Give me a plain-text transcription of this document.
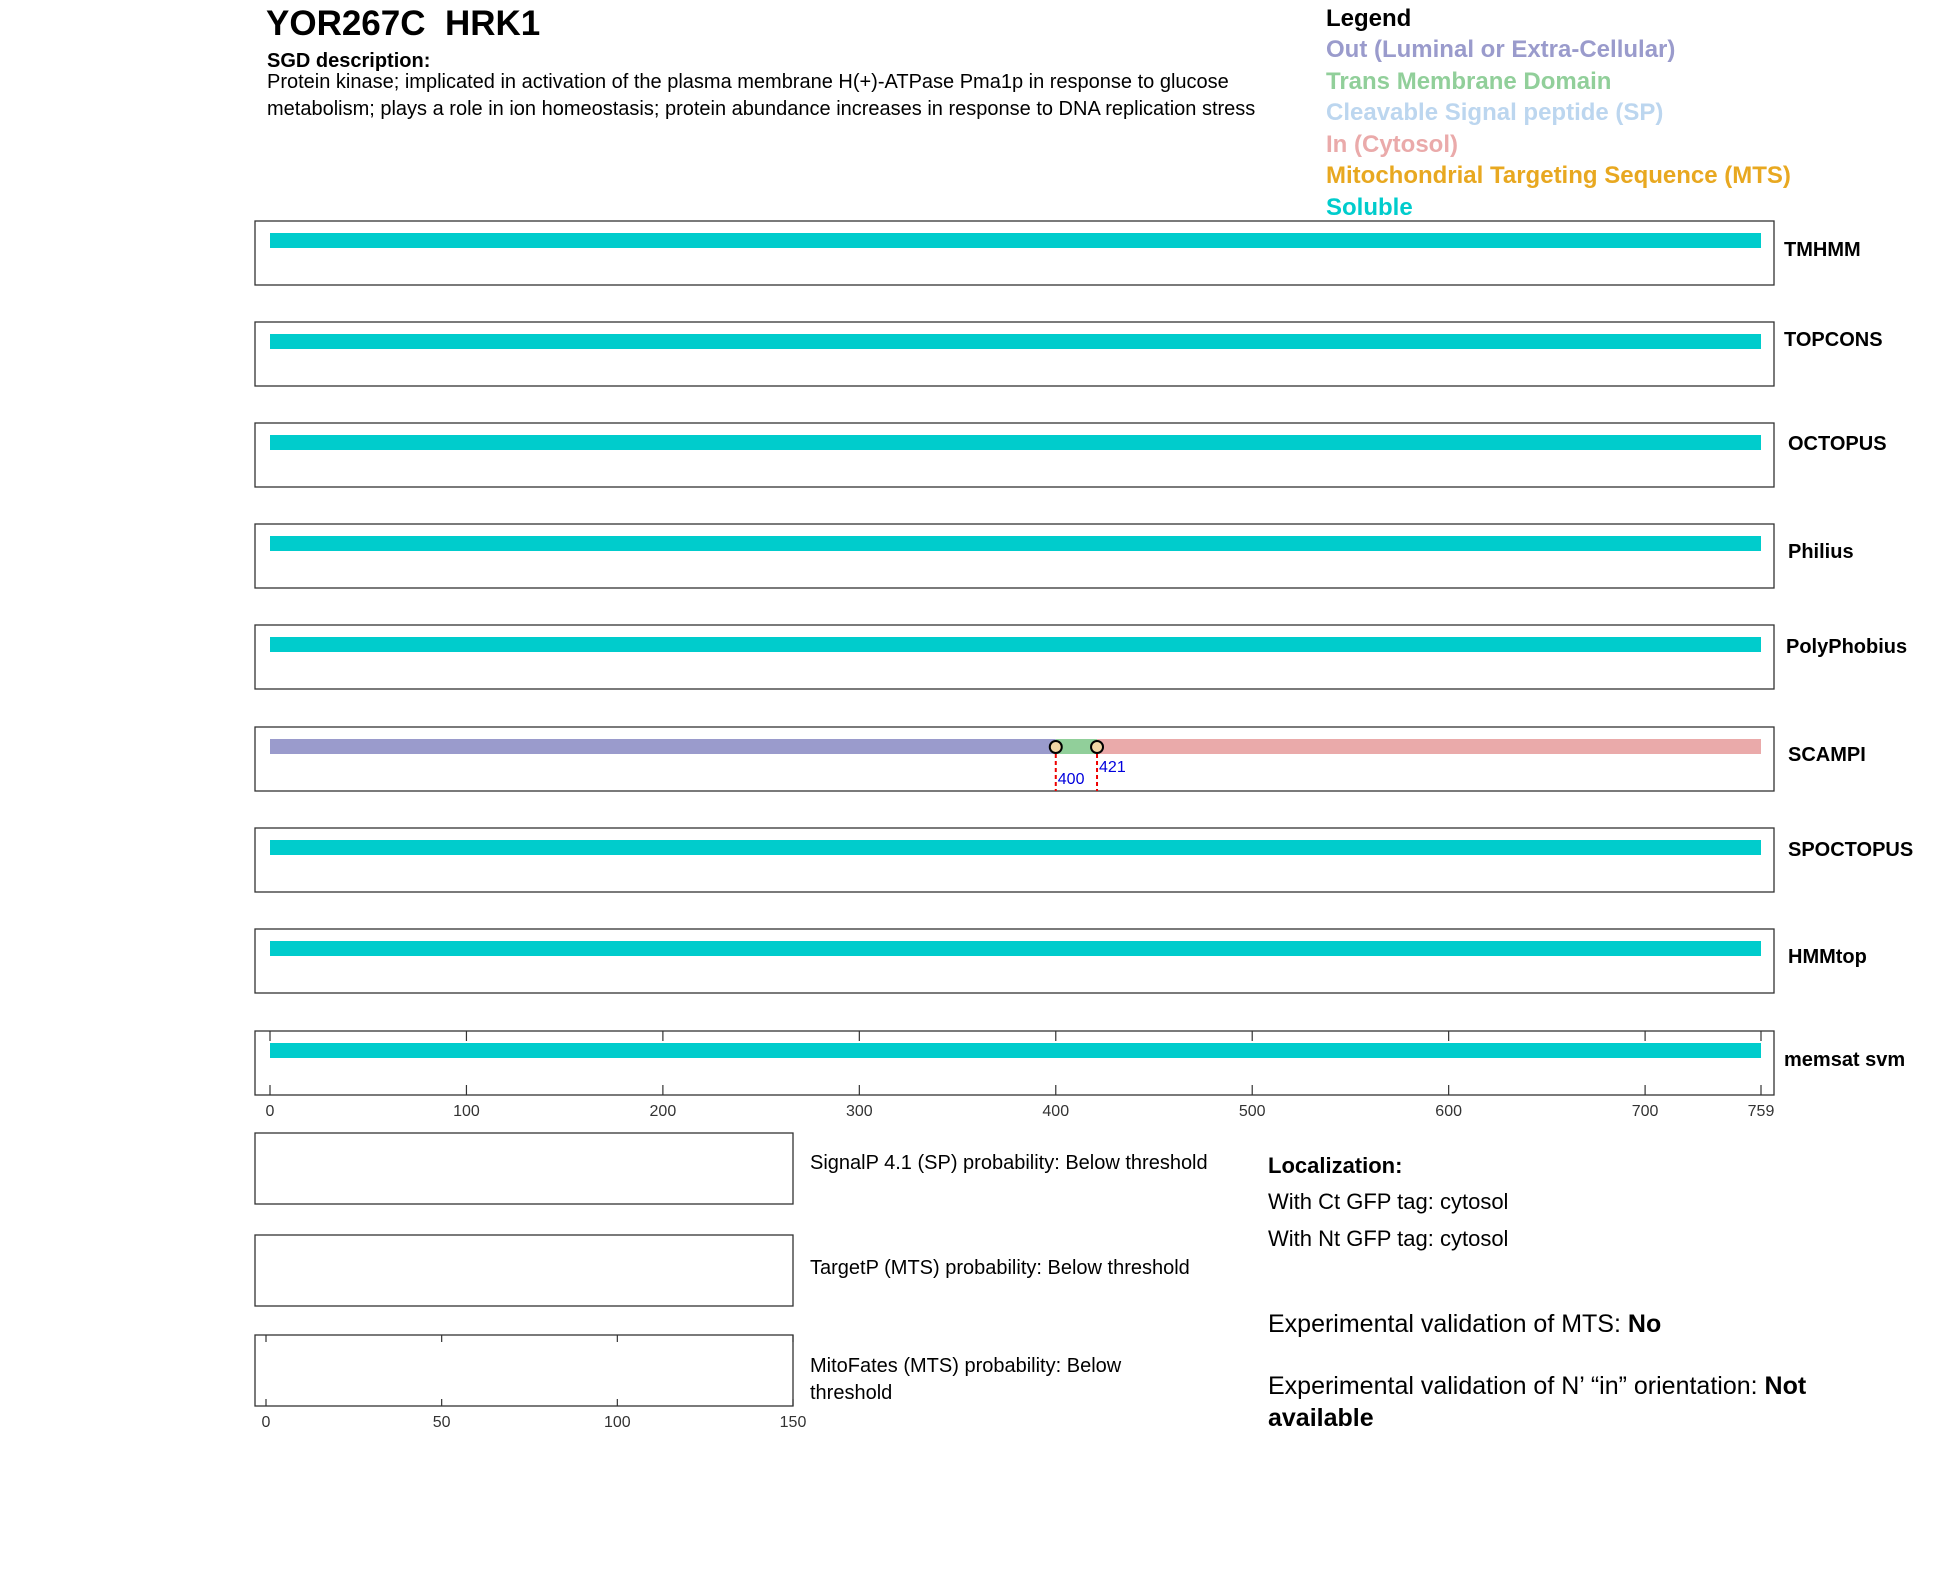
YOR267C HRK1
SGD description:
Protein kinase; implicated in activation of the plasma membrane H(+)-ATPase Pma1p in response to glucose metabolism; plays a role in ion homeostasis; protein abundance increases in response to DNA replication stress
Legend
Out (Luminal or Extra-Cellular)
Trans Membrane Domain
Cleavable Signal peptide (SP)
In (Cytosol)
Mitochondrial Targeting Sequence (MTS)
Soluble
TMHMM
TOPCONS
OCTOPUS
Philius
PolyPhobius
SCAMPI
400
421
SPOCTOPUS
HMMtop
memsat svm
0	100	200	300	400	500	600	700	759
0	50	100	150
SignalP 4.1 (SP) probability: Below threshold
TargetP (MTS) probability: Below threshold
MitoFates (MTS) probability: Below threshold
Localization:
With Ct GFP tag: cytosol
With Nt GFP tag: cytosol
Experimental validation of MTS: No
Experimental validation of N’ “in” orientation: Not available
